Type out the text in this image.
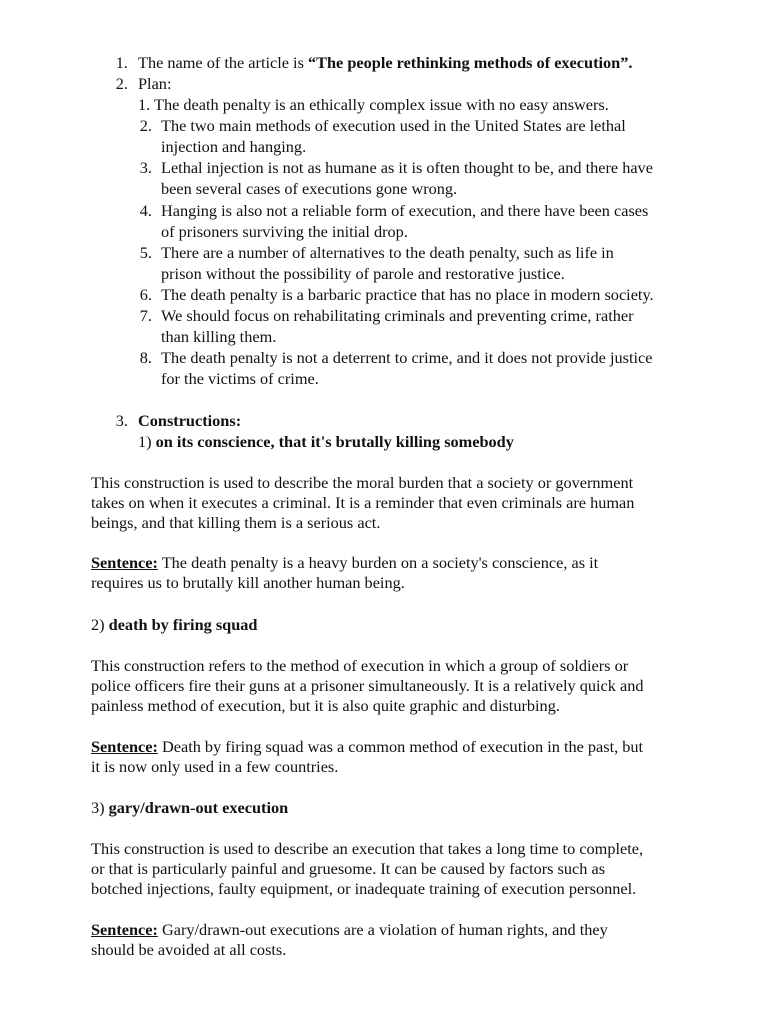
1. The name of the article is “The people rethinking methods of execution”.
2. Plan:
1. The death penalty is an ethically complex issue with no easy answers.
2. The two main methods of execution used in the United States are lethal
injection and hanging.
3. Lethal injection is not as humane as it is often thought to be, and there have
been several cases of executions gone wrong.
4. Hanging is also not a reliable form of execution, and there have been cases
of prisoners surviving the initial drop.
5. There are a number of alternatives to the death penalty, such as life in
prison without the possibility of parole and restorative justice.
6. The death penalty is a barbaric practice that has no place in modern society.
7. We should focus on rehabilitating criminals and preventing crime, rather
than killing them.
8. The death penalty is not a deterrent to crime, and it does not provide justice
for the victims of crime.
3. Constructions:
1) on its conscience, that it's brutally killing somebody
This construction is used to describe the moral burden that a society or government
takes on when it executes a criminal. It is a reminder that even criminals are human
beings, and that killing them is a serious act.
Sentence: The death penalty is a heavy burden on a society's conscience, as it
requires us to brutally kill another human being.
2) death by firing squad
This construction refers to the method of execution in which a group of soldiers or
police officers fire their guns at a prisoner simultaneously. It is a relatively quick and
painless method of execution, but it is also quite graphic and disturbing.
Sentence: Death by firing squad was a common method of execution in the past, but
it is now only used in a few countries.
3) gary/drawn-out execution
This construction is used to describe an execution that takes a long time to complete,
or that is particularly painful and gruesome. It can be caused by factors such as
botched injections, faulty equipment, or inadequate training of execution personnel.
Sentence: Gary/drawn-out executions are a violation of human rights, and they
should be avoided at all costs.
